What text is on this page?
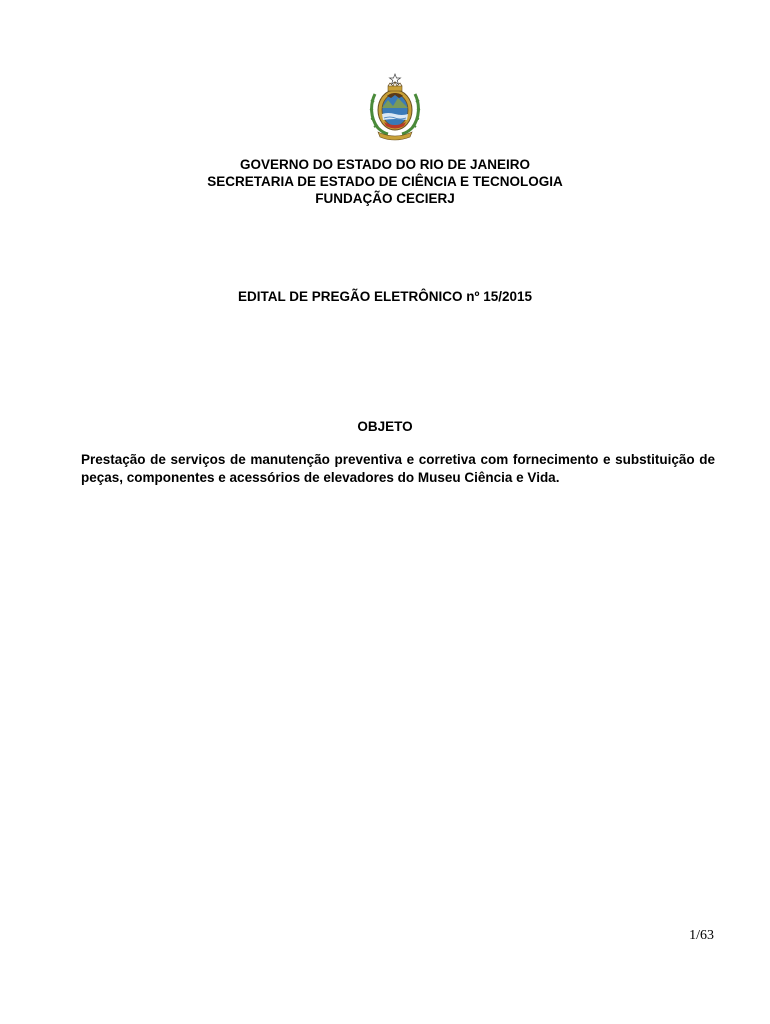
GOVERNO DO ESTADO DO RIO DE JANEIRO
SECRETARIA DE ESTADO DE CIÊNCIA E TECNOLOGIA
FUNDAÇÃO CECIERJ
EDITAL DE PREGÃO ELETRÔNICO nº 15/2015
OBJETO
Prestação de serviços de manutenção preventiva e corretiva com fornecimento e substituição de peças, componentes e acessórios de elevadores do Museu Ciência e Vida.
1/63
